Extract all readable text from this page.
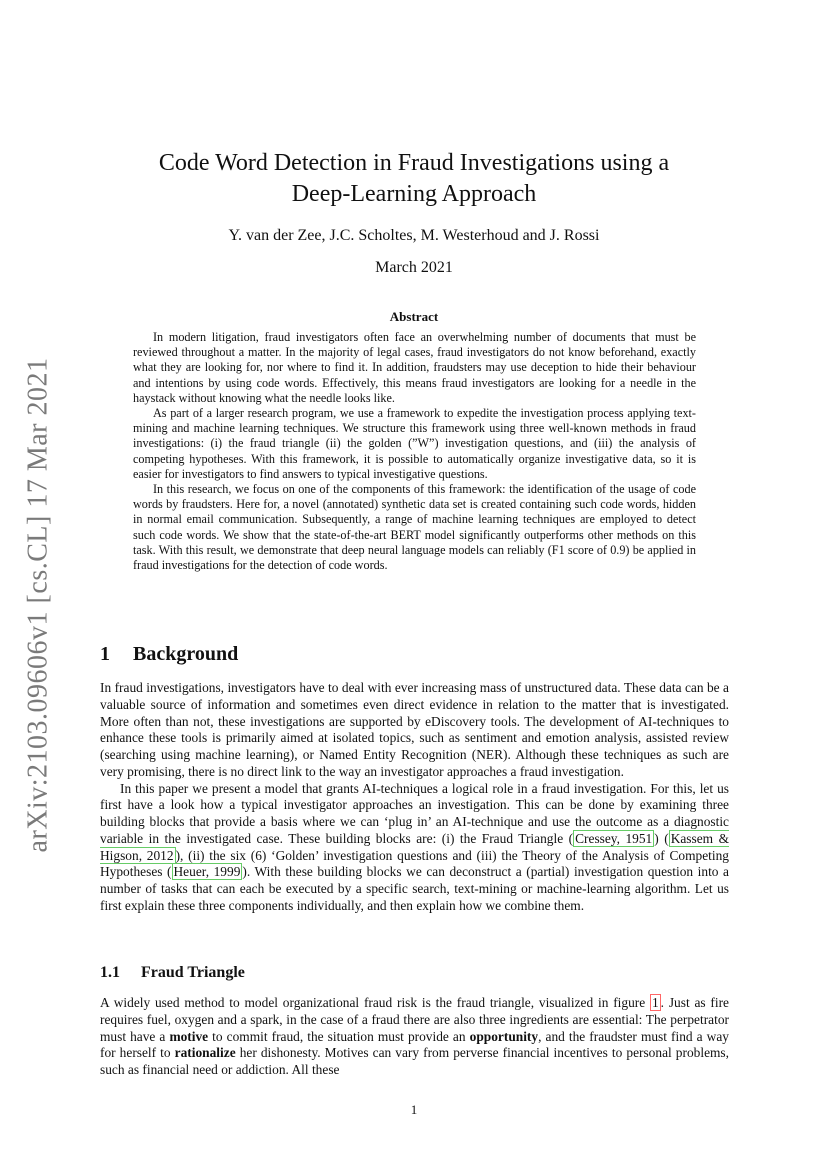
arXiv:2103.09606v1 [cs.CL] 17 Mar 2021
Code Word Detection in Fraud Investigations using a
Deep-Learning Approach
Y. van der Zee, J.C. Scholtes, M. Westerhoud and J. Rossi
March 2021
Abstract

In modern litigation, fraud investigators often face an overwhelming number of documents that must be reviewed throughout a matter. In the majority of legal cases, fraud investigators do not know beforehand, exactly what they are looking for, nor where to find it. In addition, fraudsters may use deception to hide their behaviour and intentions by using code words. Effectively, this means fraud investigators are looking for a needle in the haystack without knowing what the needle looks like.

As part of a larger research program, we use a framework to expedite the investigation process applying text-mining and machine learning techniques. We structure this framework using three well-known methods in fraud investigations: (i) the fraud triangle (ii) the golden (”W”) investigation questions, and (iii) the analysis of competing hypotheses. With this framework, it is possible to automatically organize investigative data, so it is easier for investigators to find answers to typical investigative questions.

In this research, we focus on one of the components of this framework: the identification of the usage of code words by fraudsters. Here for, a novel (annotated) synthetic data set is created containing such code words, hidden in normal email communication. Subsequently, a range of machine learning techniques are employed to detect such code words. We show that the state-of-the-art BERT model significantly outperforms other methods on this task. With this result, we demonstrate that deep neural language models can reliably (F1 score of 0.9) be applied in fraud investigations for the detection of code words.

1 Background

In fraud investigations, investigators have to deal with ever increasing mass of unstructured data. These data can be a valuable source of information and sometimes even direct evidence in relation to the matter that is investigated. More often than not, these investigations are supported by eDiscovery tools. The development of AI-techniques to enhance these tools is primarily aimed at isolated topics, such as sentiment and emotion analysis, assisted review (searching using machine learning), or Named Entity Recognition (NER). Although these techniques as such are very promising, there is no direct link to the way an investigator approaches a fraud investigation.

In this paper we present a model that grants AI-techniques a logical role in a fraud investigation. For this, let us first have a look how a typical investigator approaches an investigation. This can be done by examining three building blocks that provide a basis where we can ‘plug in’ an AI-technique and use the outcome as a diagnostic variable in the investigated case. These building blocks are: (i) the Fraud Triangle ( Cressey, 1951 ) ( Kassem & Higson, 2012 ), (ii) the six (6) ‘Golden’ investigation questions and (iii) the Theory of the Analysis of Competing Hypotheses ( Heuer, 1999 ). With these building blocks we can deconstruct a (partial) investigation question into a number of tasks that can each be executed by a specific search, text-mining or machine-learning algorithm. Let us first explain these three components individually, and then explain how we combine them.

1.1 Fraud Triangle

A widely used method to model organizational fraud risk is the fraud triangle, visualized in figure 1 . Just as fire requires fuel, oxygen and a spark, in the case of a fraud there are also three ingredients are essential: The perpetrator must have a motive to commit fraud, the situation must provide an opportunity, and the fraudster must find a way for herself to rationalize her dishonesty. Motives can vary from perverse financial incentives to personal problems, such as financial need or addiction. All these

1
